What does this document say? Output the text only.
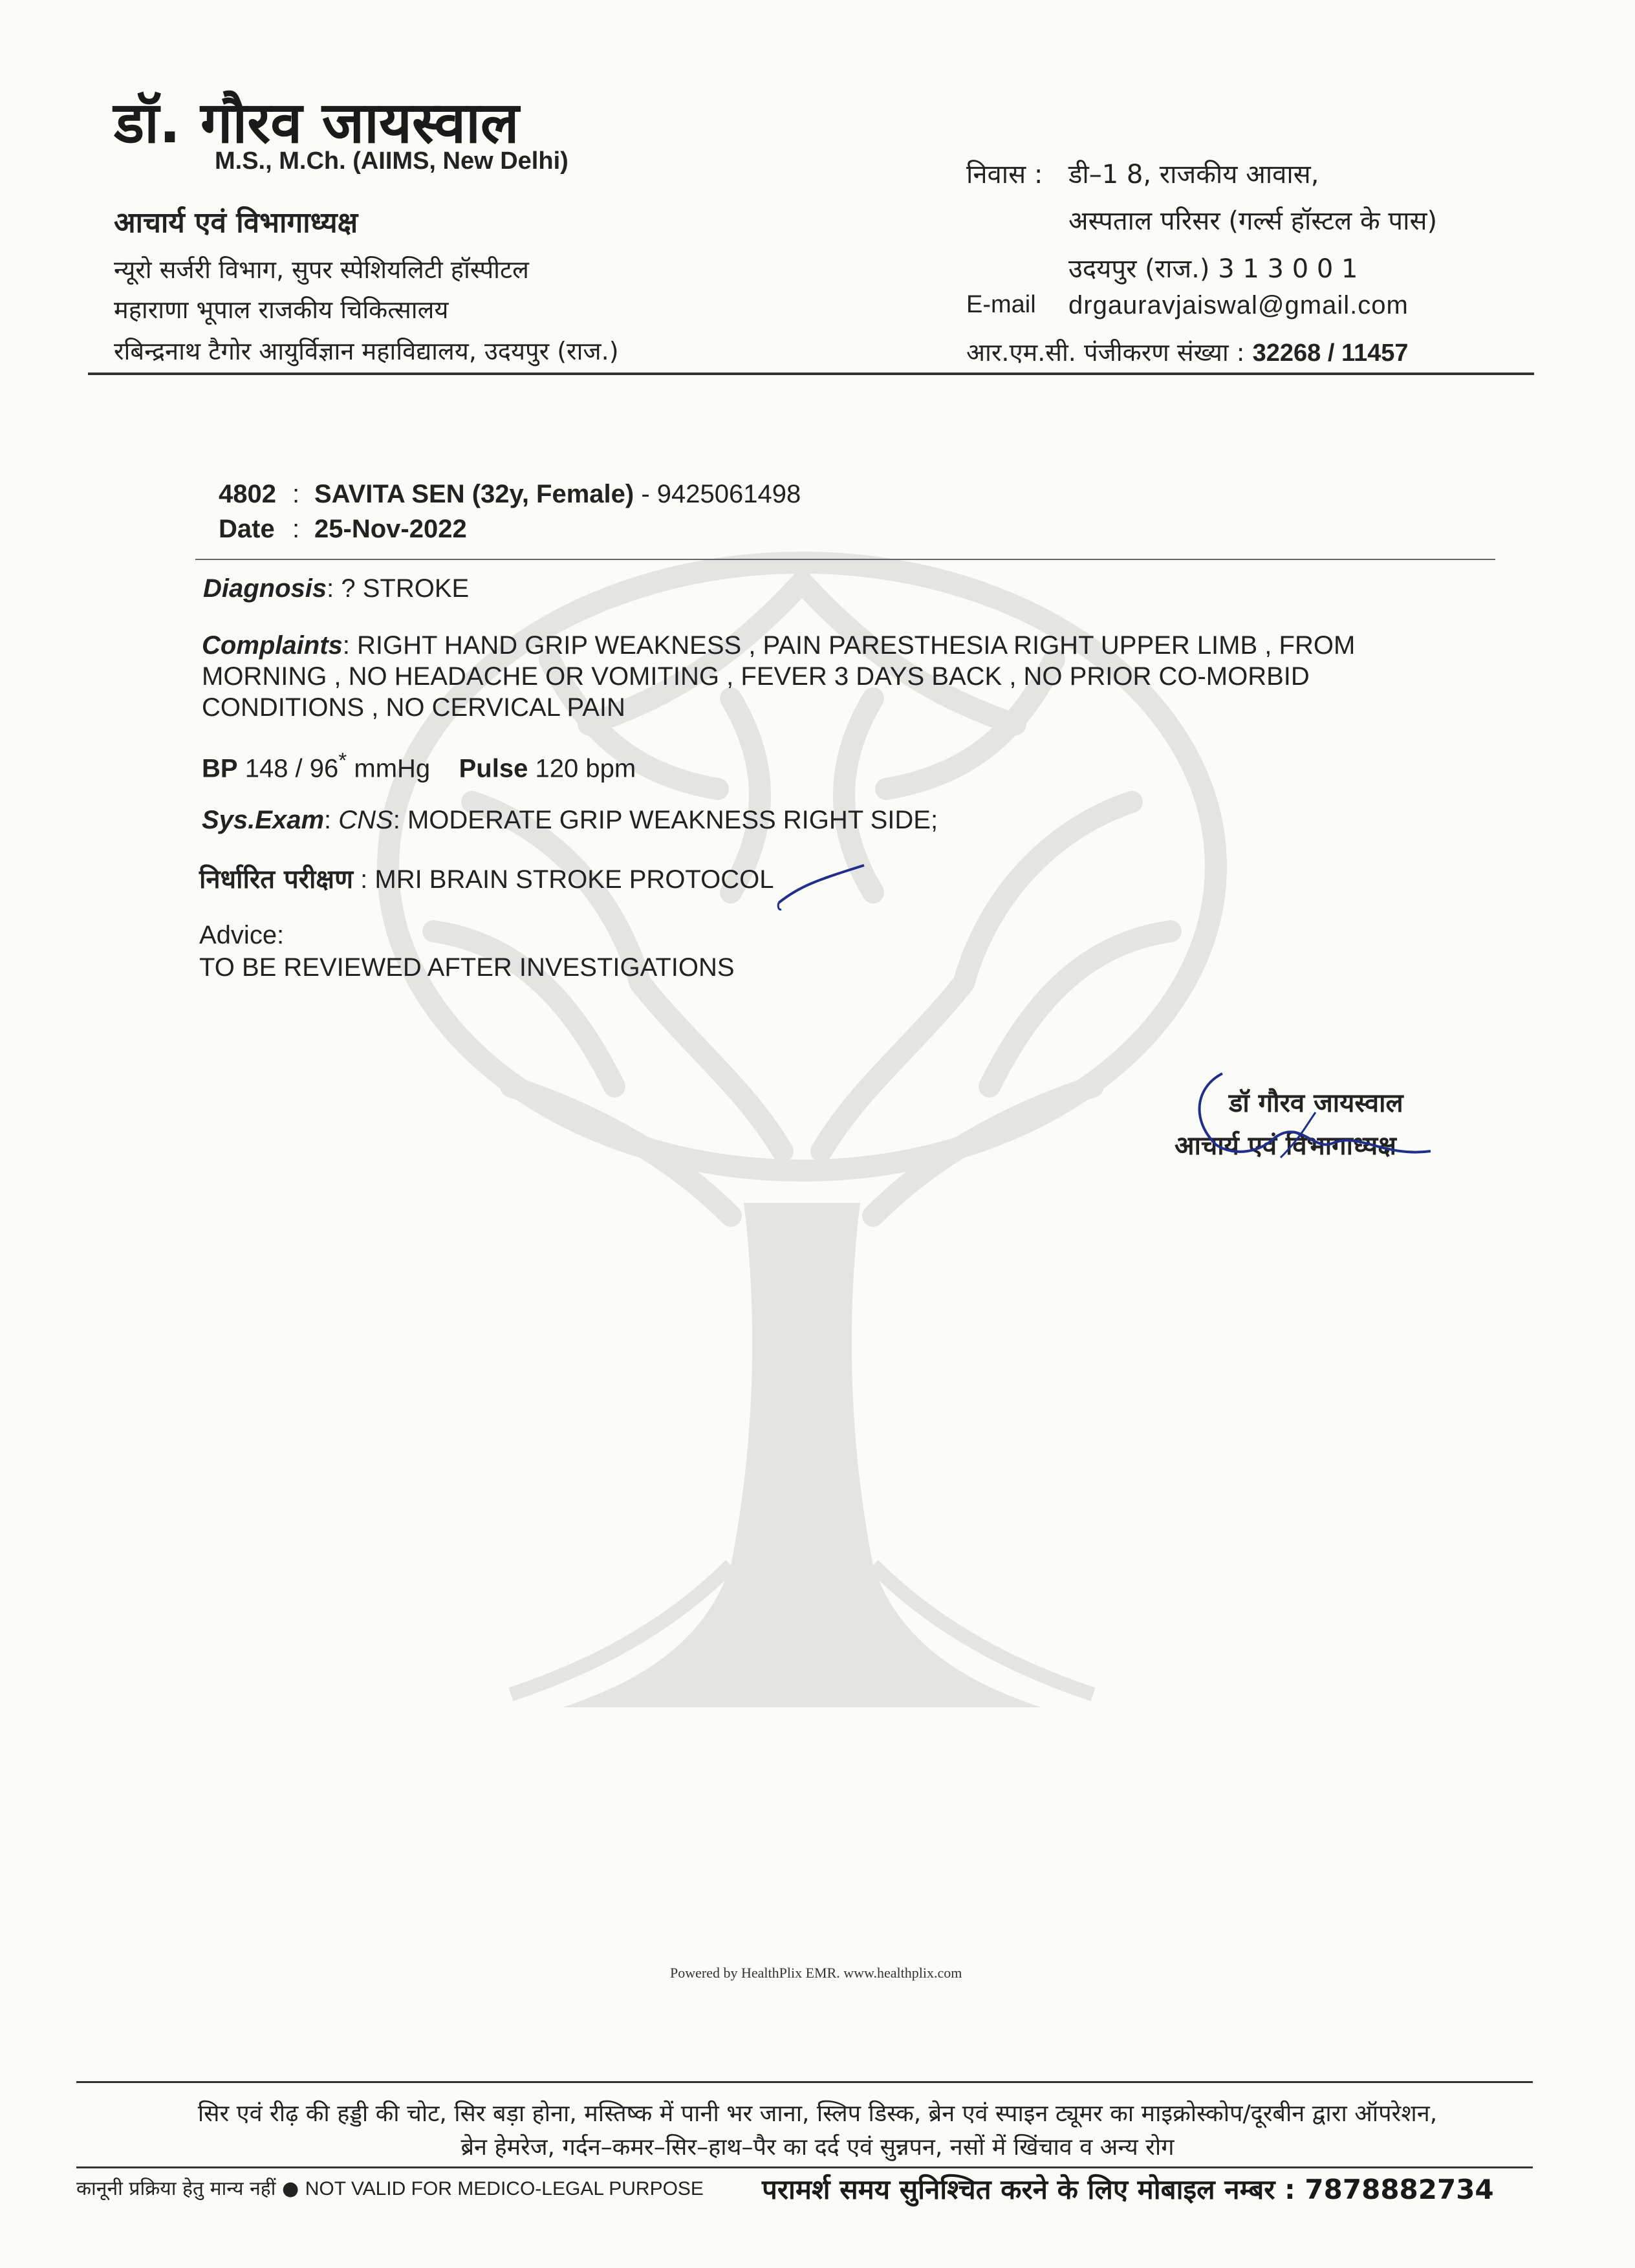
डॉ. गौरव जायस्वाल
M.S., M.Ch. (AIIMS, New Delhi)
आचार्य एवं विभागाध्यक्ष
न्यूरो सर्जरी विभाग, सुपर स्पेशियलिटी हॉस्पीटल
महाराणा भूपाल राजकीय चिकित्सालय
रबिन्द्रनाथ टैगोर आयुर्विज्ञान महाविद्यालय, उदयपुर (राज.)
निवास : डी–1 8, राजकीय आवास,
अस्पताल परिसर (गर्ल्स हॉस्टल के पास)
उदयपुर (राज.) 3 1 3 0 0 1
E-mail drgauravjaiswal@gmail.com
आर.एम.सी. पंजीकरण संख्या : 32268 / 11457
4802 : SAVITA SEN (32y, Female) - 9425061498
Date : 25-Nov-2022
Diagnosis: ? STROKE
Complaints: RIGHT HAND GRIP WEAKNESS , PAIN PARESTHESIA RIGHT UPPER LIMB , FROM MORNING , NO HEADACHE OR VOMITING , FEVER 3 DAYS BACK , NO PRIOR CO-MORBID CONDITIONS , NO CERVICAL PAIN
BP 148 / 96* mmHg Pulse 120 bpm
Sys.Exam: CNS: MODERATE GRIP WEAKNESS RIGHT SIDE;
निर्धारित परीक्षण : MRI BRAIN STROKE PROTOCOL
Advice:
TO BE REVIEWED AFTER INVESTIGATIONS
डॉ गौरव जायस्वाल
आचार्य एवं विभागाध्यक्ष
Powered by HealthPlix EMR. www.healthplix.com
सिर एवं रीढ़ की हड्डी की चोट, सिर बड़ा होना, मस्तिष्क में पानी भर जाना, स्लिप डिस्क, ब्रेन एवं स्पाइन ट्यूमर का माइक्रोस्कोप/दूरबीन द्वारा ऑपरेशन,
ब्रेन हेमरेज, गर्दन–कमर–सिर–हाथ–पैर का दर्द एवं सुन्नपन, नसों में खिंचाव व अन्य रोग
कानूनी प्रक्रिया हेतु मान्य नहीं ● NOT VALID FOR MEDICO-LEGAL PURPOSE परामर्श समय सुनिश्चित करने के लिए मोबाइल नम्बर : 7878882734
